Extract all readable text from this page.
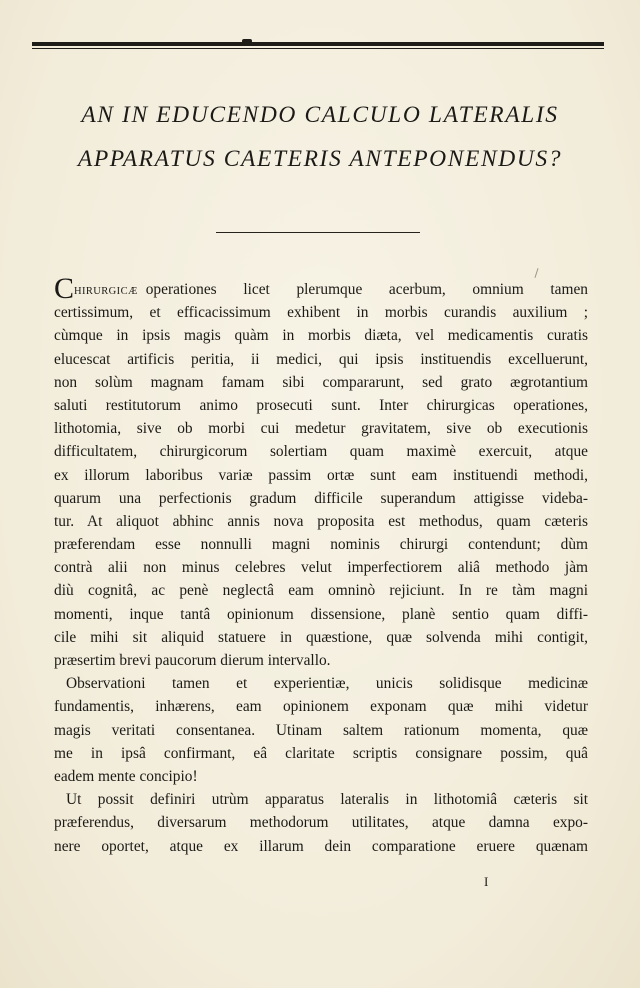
AN IN EDUCENDO CALCULO LATERALIS
APPARATUS CAETERIS ANTEPONENDUS?
CHIRURGICÆ operationes licet plerumque acerbum, omnium tamen
certissimum, et efficacissimum exhibent in morbis curandis auxilium ;
cùmque in ipsis magis quàm in morbis diæta, vel medicamentis curatis
elucescat artificis peritia, ii medici, qui ipsis instituendis excelluerunt,
non solùm magnam famam sibi compararunt, sed grato ægrotantium
saluti restitutorum animo prosecuti sunt. Inter chirurgicas operationes,
lithotomia, sive ob morbi cui medetur gravitatem, sive ob executionis
difficultatem, chirurgicorum solertiam quam maximè exercuit, atque
ex illorum laboribus variæ passim ortæ sunt eam instituendi methodi,
quarum una perfectionis gradum difficile superandum attigisse videba-
tur. At aliquot abhinc annis nova proposita est methodus, quam cæteris
præferendam esse nonnulli magni nominis chirurgi contendunt; dùm
contrà alii non minus celebres velut imperfectiorem aliâ methodo jàm
diù cognitâ, ac penè neglectâ eam omninò rejiciunt. In re tàm magni
momenti, inque tantâ opinionum dissensione, planè sentio quam diffi-
cile mihi sit aliquid statuere in quæstione, quæ solvenda mihi contigit,
præsertim brevi paucorum dierum intervallo.
Observationi tamen et experientiæ, unicis solidisque medicinæ
fundamentis, inhærens, eam opinionem exponam quæ mihi videtur
magis veritati consentanea. Utinam saltem rationum momenta, quæ
me in ipsâ confirmant, eâ claritate scriptis consignare possim, quâ
eadem mente concipio!
Ut possit definiri utrùm apparatus lateralis in lithotomiâ cæteris sit
præferendus, diversarum methodorum utilitates, atque damna expo-
nere oportet, atque ex illarum dein comparatione eruere quænam
I
